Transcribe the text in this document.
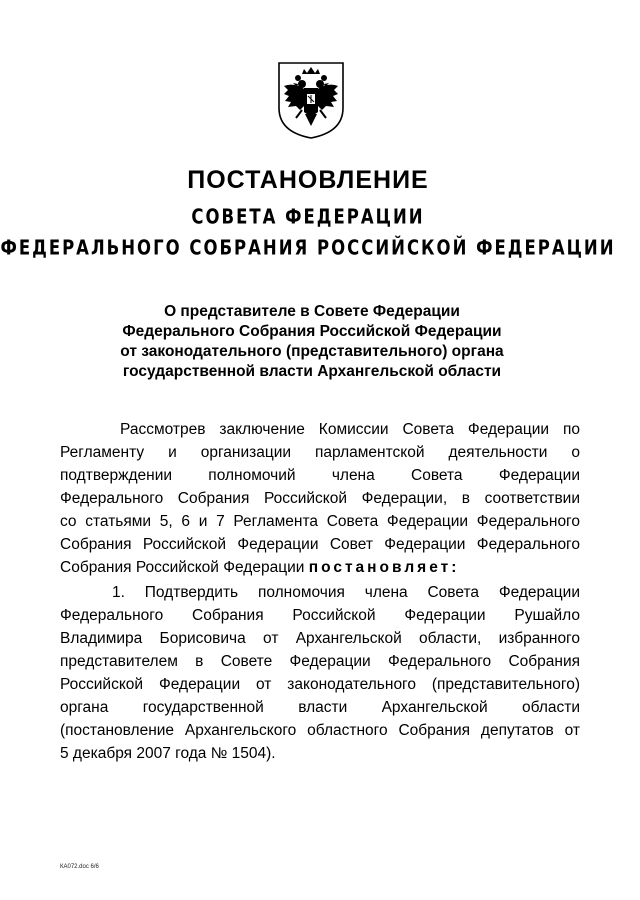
ПОСТАНОВЛЕНИЕ
СОВЕТА ФЕДЕРАЦИИ
ФЕДЕРАЛЬНОГО СОБРАНИЯ РОССИЙСКОЙ ФЕДЕРАЦИИ
О представителе в Совете Федерации
Федерального Собрания Российской Федерации
от законодательного (представительного) органа
государственной власти Архангельской области
Рассмотрев заключение Комиссии Совета Федерации по
Регламенту и организации парламентской деятельности о
подтверждении полномочий члена Совета Федерации
Федерального Собрания Российской Федерации, в соответствии
со статьями 5, 6 и 7 Регламента Совета Федерации Федерального
Собрания Российской Федерации Совет Федерации Федерального
Собрания Российской Федерации постановляет:
1. Подтвердить полномочия члена Совета Федерации
Федерального Собрания Российской Федерации Рушайло
Владимира Борисовича от Архангельской области, избранного
представителем в Совете Федерации Федерального Собрания
Российской Федерации от законодательного (представительного)
органа государственной власти Архангельской области
(постановление Архангельского областного Собрания депутатов от
5 декабря 2007 года № 1504).
КА072.doc 6/6
